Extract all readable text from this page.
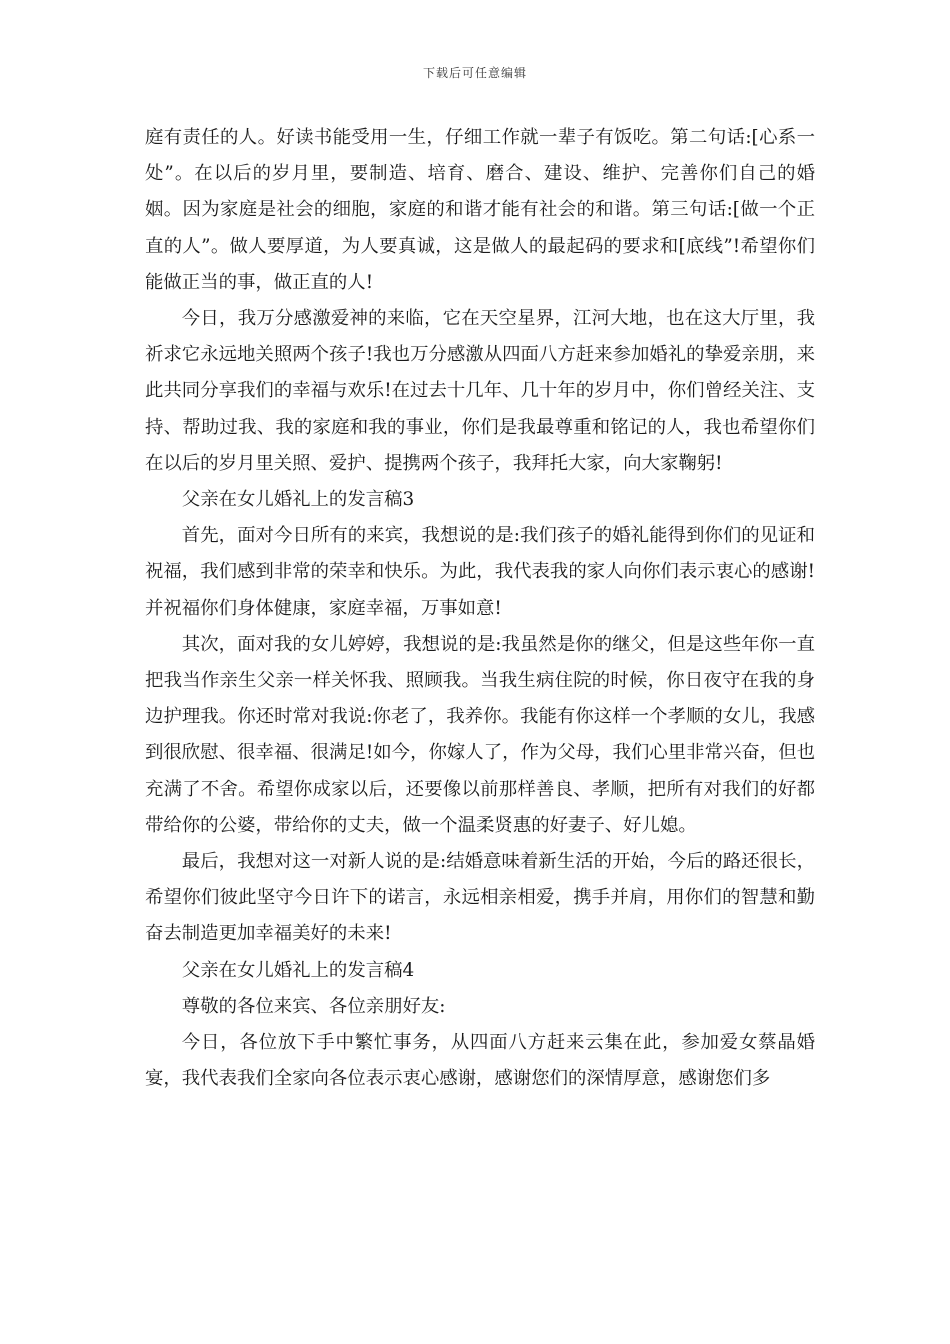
下载后可任意编辑

庭有责任的人。好读书能受用一生，仔细工作就一辈子有饭吃。第二句话:[心系一处”。在以后的岁月里，要制造、培育、磨合、建设、维护、完善你们自己的婚姻。因为家庭是社会的细胞，家庭的和谐才能有社会的和谐。第三句话:[做一个正直的人”。做人要厚道，为人要真诚，这是做人的最起码的要求和[底线”!希望你们能做正当的事，做正直的人!

今日，我万分感激爱神的来临，它在天空星界，江河大地，也在这大厅里，我祈求它永远地关照两个孩子!我也万分感激从四面八方赶来参加婚礼的挚爱亲朋，来此共同分享我们的幸福与欢乐!在过去十几年、几十年的岁月中，你们曾经关注、支持、帮助过我、我的家庭和我的事业，你们是我最尊重和铭记的人，我也希望你们在以后的岁月里关照、爱护、提携两个孩子，我拜托大家，向大家鞠躬!

父亲在女儿婚礼上的发言稿3

首先，面对今日所有的来宾，我想说的是:我们孩子的婚礼能得到你们的见证和祝福，我们感到非常的荣幸和快乐。为此，我代表我的家人向你们表示衷心的感谢!并祝福你们身体健康，家庭幸福，万事如意!

其次，面对我的女儿婷婷，我想说的是:我虽然是你的继父，但是这些年你一直把我当作亲生父亲一样关怀我、照顾我。当我生病住院的时候，你日夜守在我的身边护理我。你还时常对我说:你老了，我养你。我能有你这样一个孝顺的女儿，我感到很欣慰、很幸福、很满足!如今，你嫁人了，作为父母，我们心里非常兴奋，但也充满了不舍。希望你成家以后，还要像以前那样善良、孝顺，把所有对我们的好都带给你的公婆，带给你的丈夫，做一个温柔贤惠的好妻子、好儿媳。

最后，我想对这一对新人说的是:结婚意味着新生活的开始，今后的路还很长，希望你们彼此坚守今日许下的诺言，永远相亲相爱，携手并肩，用你们的智慧和勤奋去制造更加幸福美好的未来!

父亲在女儿婚礼上的发言稿4

尊敬的各位来宾、各位亲朋好友:

今日，各位放下手中繁忙事务，从四面八方赶来云集在此，参加爱女蔡晶婚宴，我代表我们全家向各位表示衷心感谢，感谢您们的深情厚意，感谢您们多
